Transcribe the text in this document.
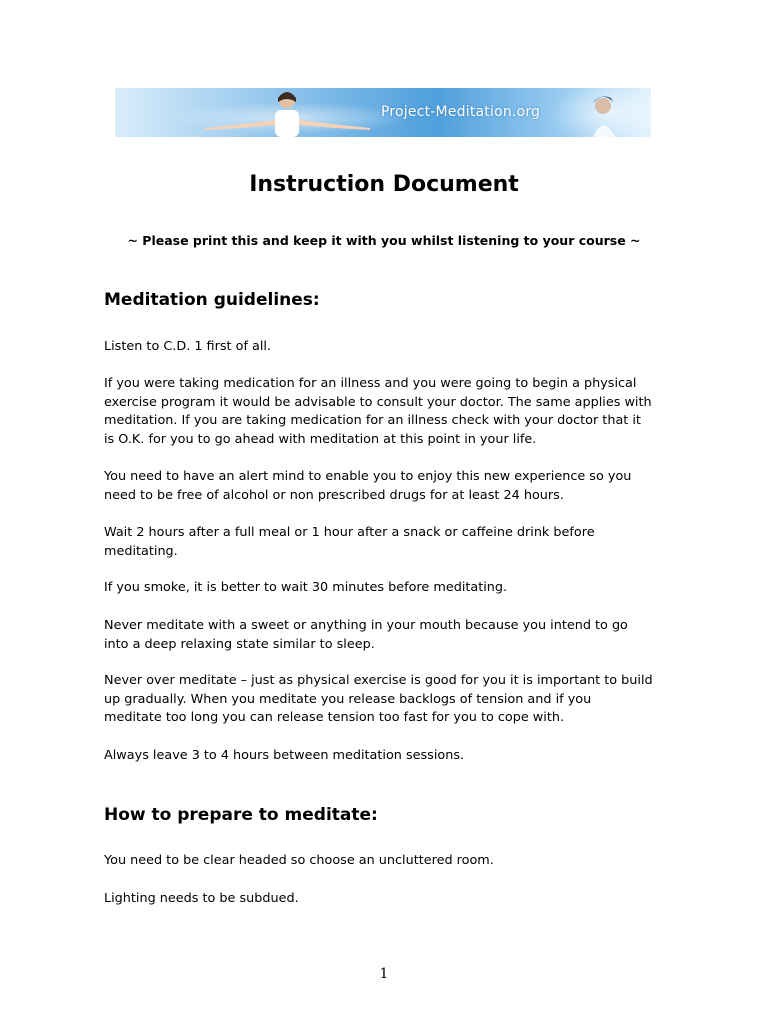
Project-Meditation.org
Instruction Document
~ Please print this and keep it with you whilst listening to your course ~
Meditation guidelines:
Listen to C.D. 1 first of all.
If you were taking medication for an illness and you were going to begin a physical
exercise program it would be advisable to consult your doctor. The same applies with
meditation. If you are taking medication for an illness check with your doctor that it
is O.K. for you to go ahead with meditation at this point in your life.
You need to have an alert mind to enable you to enjoy this new experience so you
need to be free of alcohol or non prescribed drugs for at least 24 hours.
Wait 2 hours after a full meal or 1 hour after a snack or caffeine drink before
meditating.
If you smoke, it is better to wait 30 minutes before meditating.
Never meditate with a sweet or anything in your mouth because you intend to go
into a deep relaxing state similar to sleep.
Never over meditate – just as physical exercise is good for you it is important to build
up gradually. When you meditate you release backlogs of tension and if you
meditate too long you can release tension too fast for you to cope with.
Always leave 3 to 4 hours between meditation sessions.
How to prepare to meditate:
You need to be clear headed so choose an uncluttered room.
Lighting needs to be subdued.
1
